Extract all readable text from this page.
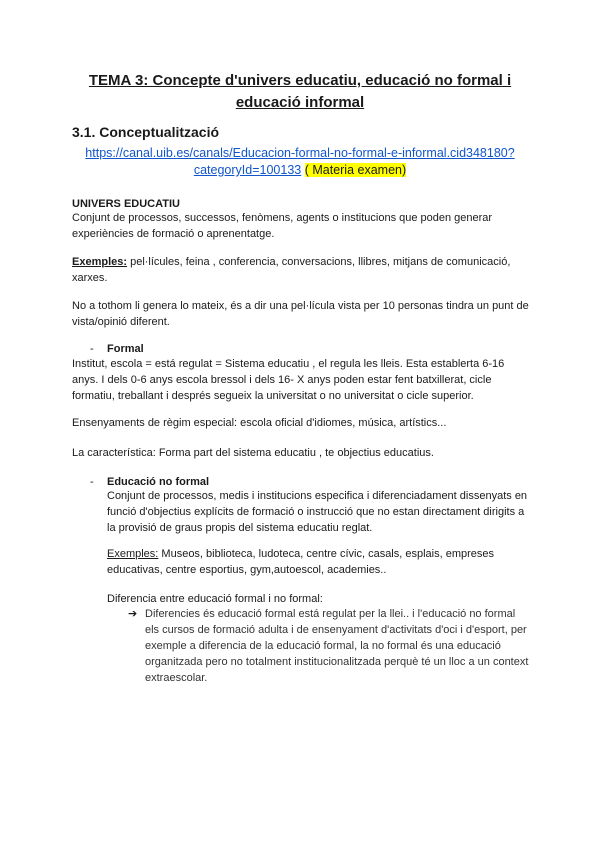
TEMA 3: Concepte d'univers educatiu, educació no formal i educació informal
3.1. Conceptualització
https://canal.uib.es/canals/Educacion-formal-no-formal-e-informal.cid348180?categoryId=100133 ( Materia examen)
UNIVERS EDUCATIU
Conjunt de processos, successos, fenòmens, agents o institucions que poden generar experiències de formació o aprenentatge.
Exemples: pel·lícules, feina , conferencia, conversacions, llibres, mitjans de comunicació, xarxes.
No a tothom li genera lo mateix, és a dir una pel·lícula vista per 10 personas tindra un punt de vista/opinió diferent.
- Formal
Institut, escola = está regulat = Sistema educatiu , el regula les lleis. Esta establerta 6-16 anys. I dels 0-6 anys escola bressol i dels 16- X anys poden estar fent batxillerat, cicle formatiu, treballant i després segueix la universitat o no universitat o cicle superior.
Ensenyaments de règim especial: escola oficial d'idiomes, música, artístics...
La característica: Forma part del sistema educatiu , te objectius educatius.
- Educació no formal
Conjunt de processos, medis i institucions especifica i diferenciadament dissenyats en funció d'objectius explícits de formació o instrucció que no estan directament dirigits a la provisió de graus propis del sistema educatiu reglat.
Exemples: Museos, biblioteca, ludoteca, centre cívic, casals, esplais, empreses educativas, centre esportius, gym,autoescol, academies..
Diferencia entre educació formal i no formal:
➔ Diferencies és educació formal está regulat per la llei.. i l'educació no formal els cursos de formació adulta i de ensenyament d'activitats d'oci i d'esport, per exemple a diferencia de la educació formal, la no formal és una educació organitzada pero no totalment institucionalitzada perquè té un lloc a un context extraescolar.
